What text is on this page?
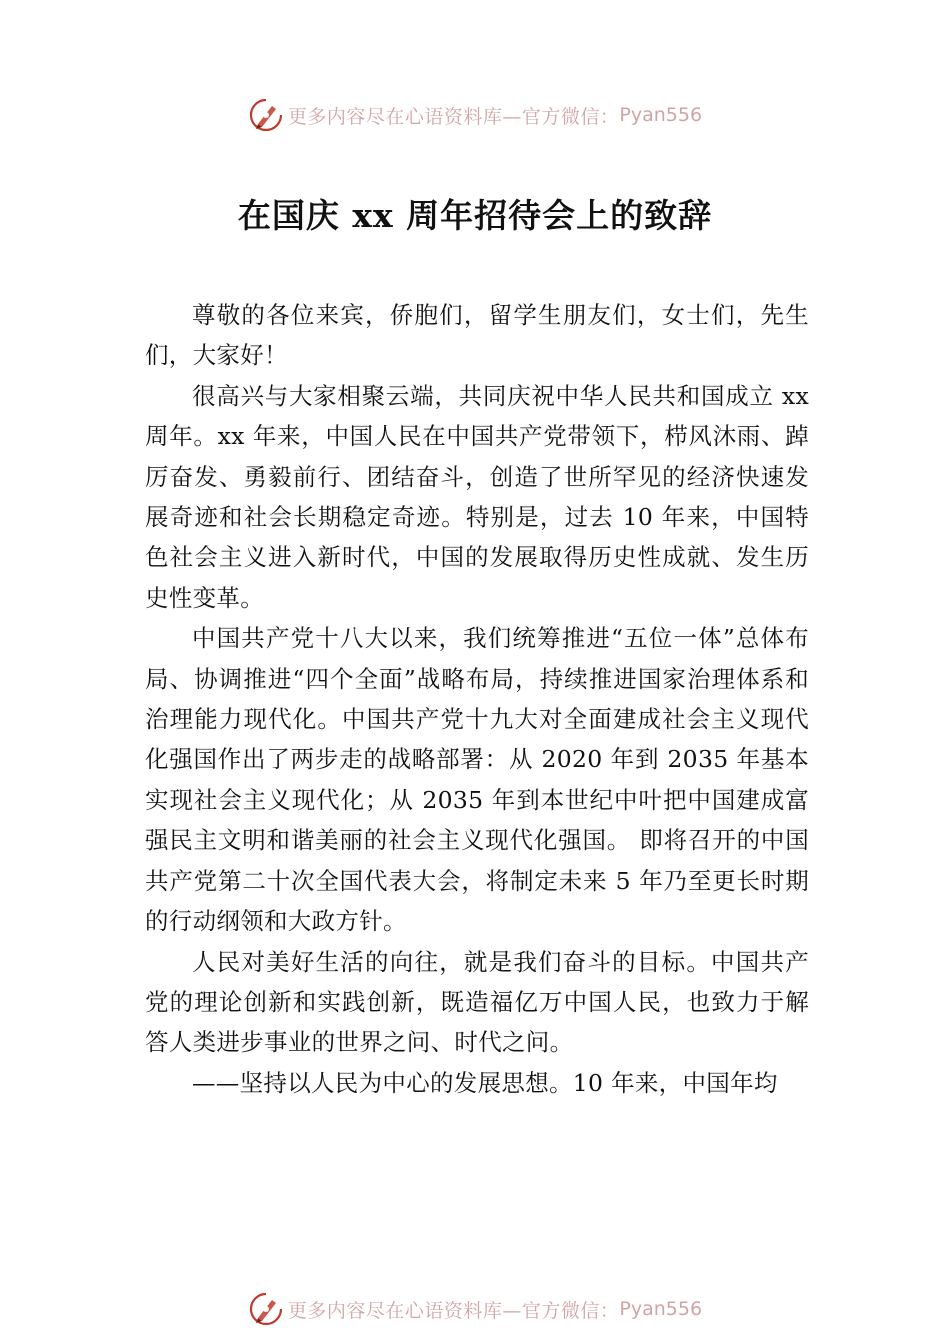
更多内容尽在心语资料库—官方微信： Pyan556
在国庆 xx 周年招待会上的致辞

尊敬的各位来宾，侨胞们，留学生朋友们，女士们，先生们，大家好！

很高兴与大家相聚云端，共同庆祝中华人民共和国成立 xx 周年。xx 年来，中国人民在中国共产党带领下，栉风沐雨、踔厉奋发、勇毅前行、团结奋斗，创造了世所罕见的经济快速发展奇迹和社会长期稳定奇迹。特别是，过去 10 年来，中国特色社会主义进入新时代，中国的发展取得历史性成就、发生历史性变革。

中国共产党十八大以来，我们统筹推进“五位一体”总体布局、协调推进“四个全面”战略布局，持续推进国家治理体系和治理能力现代化。中国共产党十九大对全面建成社会主义现代化强国作出了两步走的战略部署：从 2020 年到 2035 年基本实现社会主义现代化；从 2035 年到本世纪中叶把中国建成富强民主文明和谐美丽的社会主义现代化强国。 即将召开的中国共产党第二十次全国代表大会，将制定未来 5 年乃至更长时期的行动纲领和大政方针。

人民对美好生活的向往，就是我们奋斗的目标。中国共产党的理论创新和实践创新，既造福亿万中国人民，也致力于解答人类进步事业的世界之问、时代之问。

——坚持以人民为中心的发展思想。10 年来，中国年均

更多内容尽在心语资料库—官方微信： Pyan556
